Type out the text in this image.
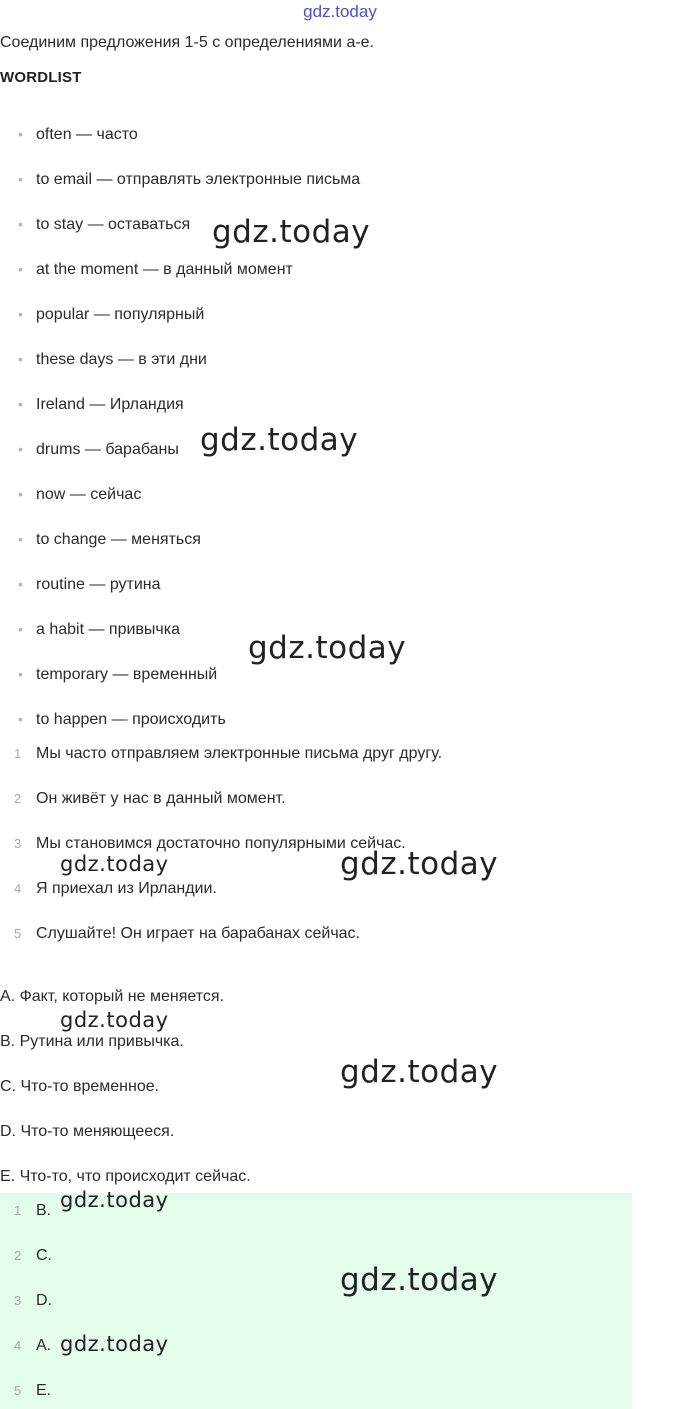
gdz.today
Соединим предложения 1-5 с определениями a-e.
WORDLIST
• often — часто
• to email — отправлять электронные письма
• to stay — оставаться
• at the moment — в данный момент
• popular — популярный
• these days — в эти дни
• Ireland — Ирландия
• drums — барабаны
• now — сейчас
• to change — меняться
• routine — рутина
• a habit — привычка
• temporary — временный
• to happen — происходить
1 Мы часто отправляем электронные письма друг другу.
2 Он живёт у нас в данный момент.
3 Мы становимся достаточно популярными сейчас.
4 Я приехал из Ирландии.
5 Слушайте! Он играет на барабанах сейчас.
A. Факт, который не меняется.
B. Рутина или привычка.
C. Что-то временное.
D. Что-то меняющееся.
E. Что-то, что происходит сейчас.
1 B.
2 C.
3 D.
4 A.
5 E.
gdz.today
gdz.today
gdz.today
gdz.today
gdz.today
gdz.today
gdz.today
gdz.today
gdz.today
gdz.today
